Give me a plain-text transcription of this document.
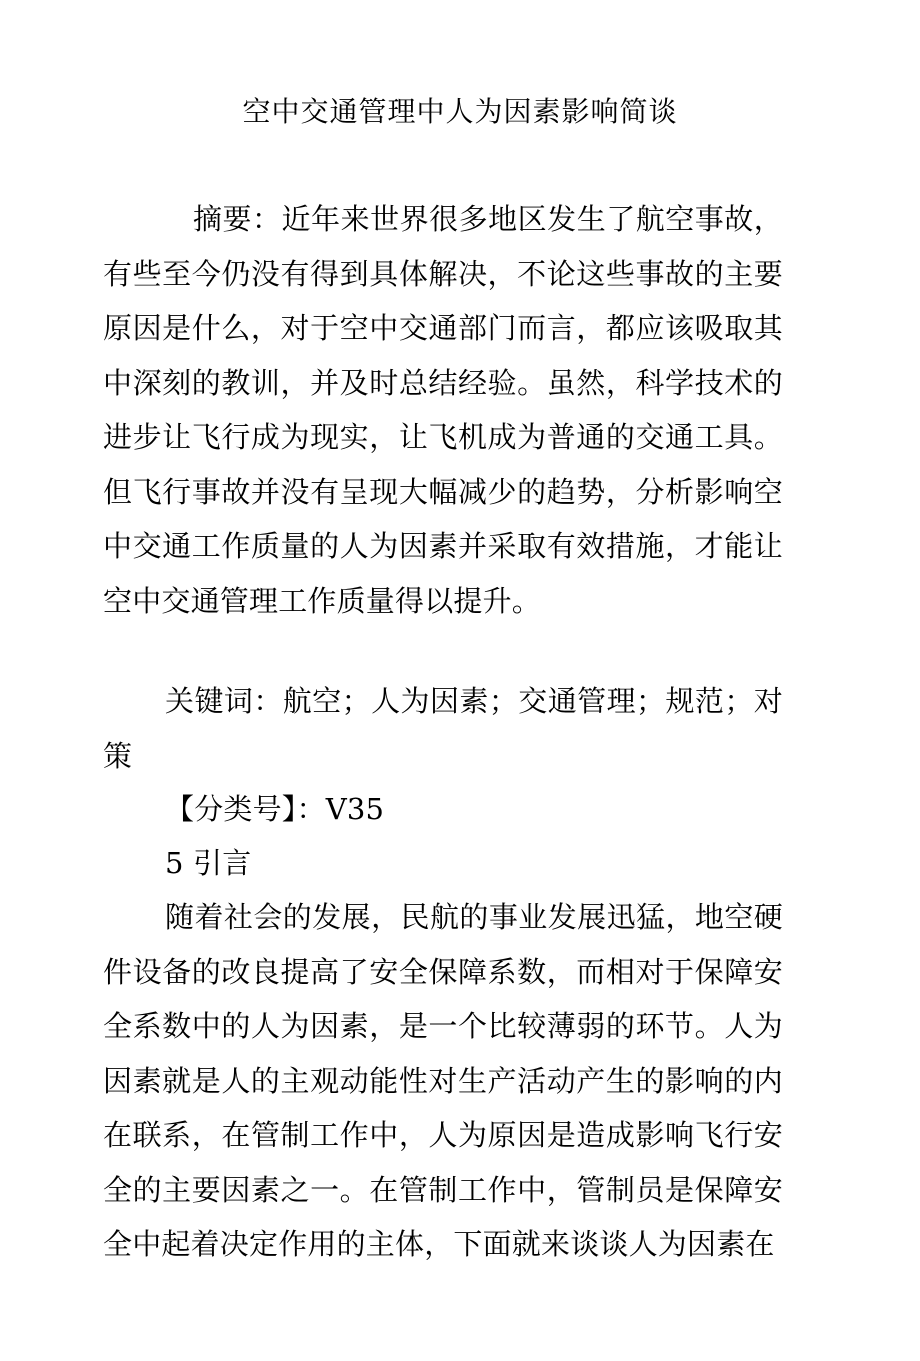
空中交通管理中人为因素影响简谈
摘要：近年来世界很多地区发生了航空事故，有些至今仍没有得到具体解决，不论这些事故的主要原因是什么，对于空中交通部门而言，都应该吸取其中深刻的教训，并及时总结经验。虽然，科学技术的进步让飞行成为现实，让飞机成为普通的交通工具。但飞行事故并没有呈现大幅减少的趋势，分析影响空中交通工作质量的人为因素并采取有效措施，才能让空中交通管理工作质量得以提升。
关键词：航空；人为因素；交通管理；规范；对策
【分类号】：V35
5 引言
随着社会的发展，民航的事业发展迅猛，地空硬件设备的改良提高了安全保障系数，而相对于保障安全系数中的人为因素，是一个比较薄弱的环节。人为因素就是人的主观动能性对生产活动产生的影响的内在联系，在管制工作中，人为原因是造成影响飞行安全的主要因素之一。在管制工作中，管制员是保障安全中起着决定作用的主体，下面就来谈谈人为因素在
